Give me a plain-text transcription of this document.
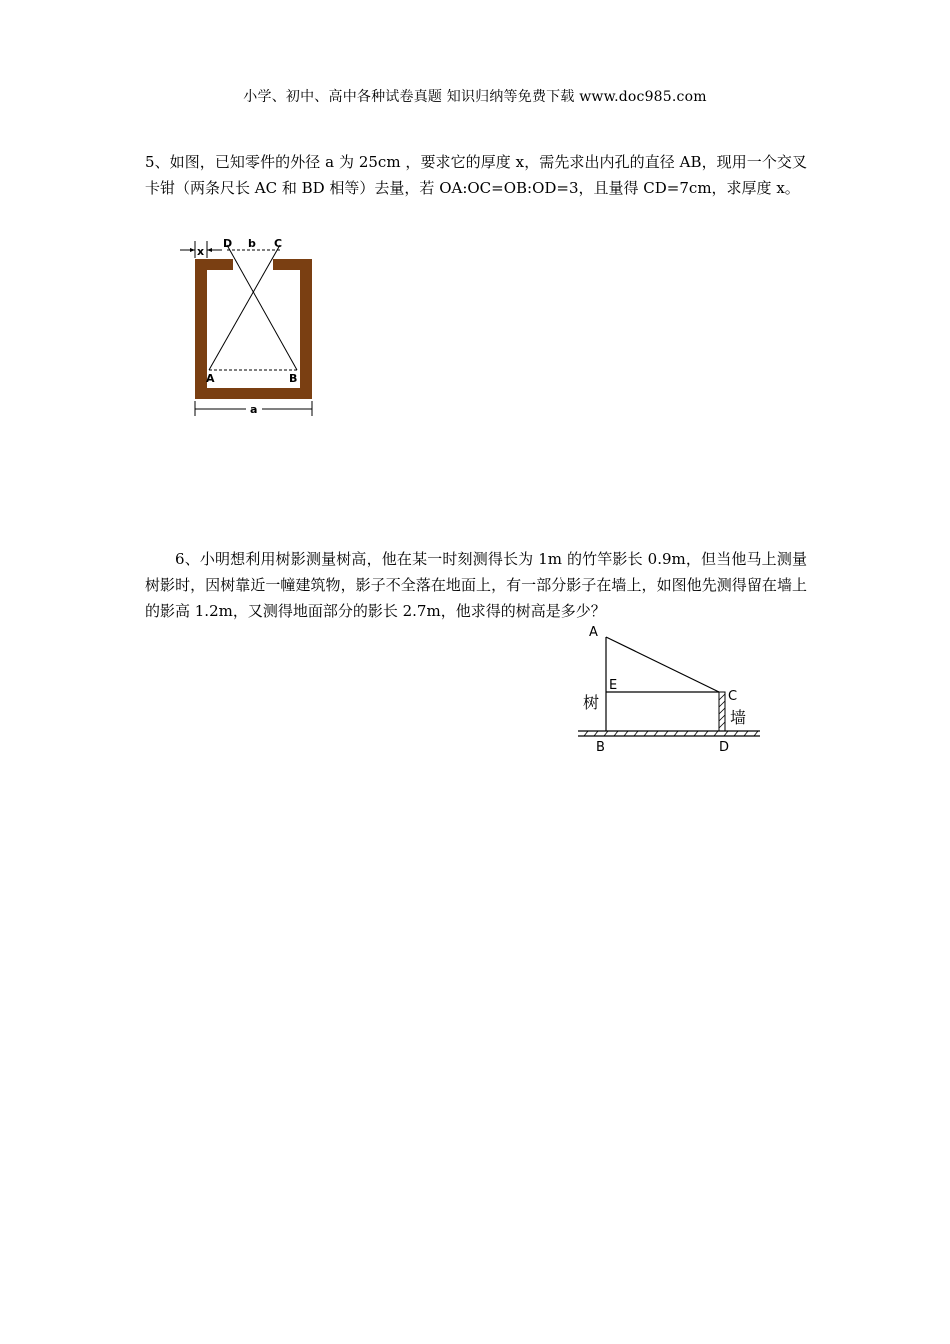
小学、初中、高中各种试卷真题 知识归纳等免费下载 www.doc985.com
5、如图，已知零件的外径 a 为 25cm ，要求它的厚度 x，需先求出内孔的直径 AB，现用一个交叉卡钳（两条尺长 AC 和 BD 相等）去量，若 OA:OC=OB:OD=3，且量得 CD=7cm，求厚度 x。
x
D b C
A	B
a
6、小明想利用树影测量树高，他在某一时刻测得长为 1m 的竹竿影长 0.9m，但当他马上测量树影时，因树靠近一幢建筑物，影子不全落在地面上，有一部分影子在墙上，如图他先测得留在墙上的影高 1.2m，又测得地面部分的影长 2.7m，他求得的树高是多少？
A
E
树	C
墙
B	D
